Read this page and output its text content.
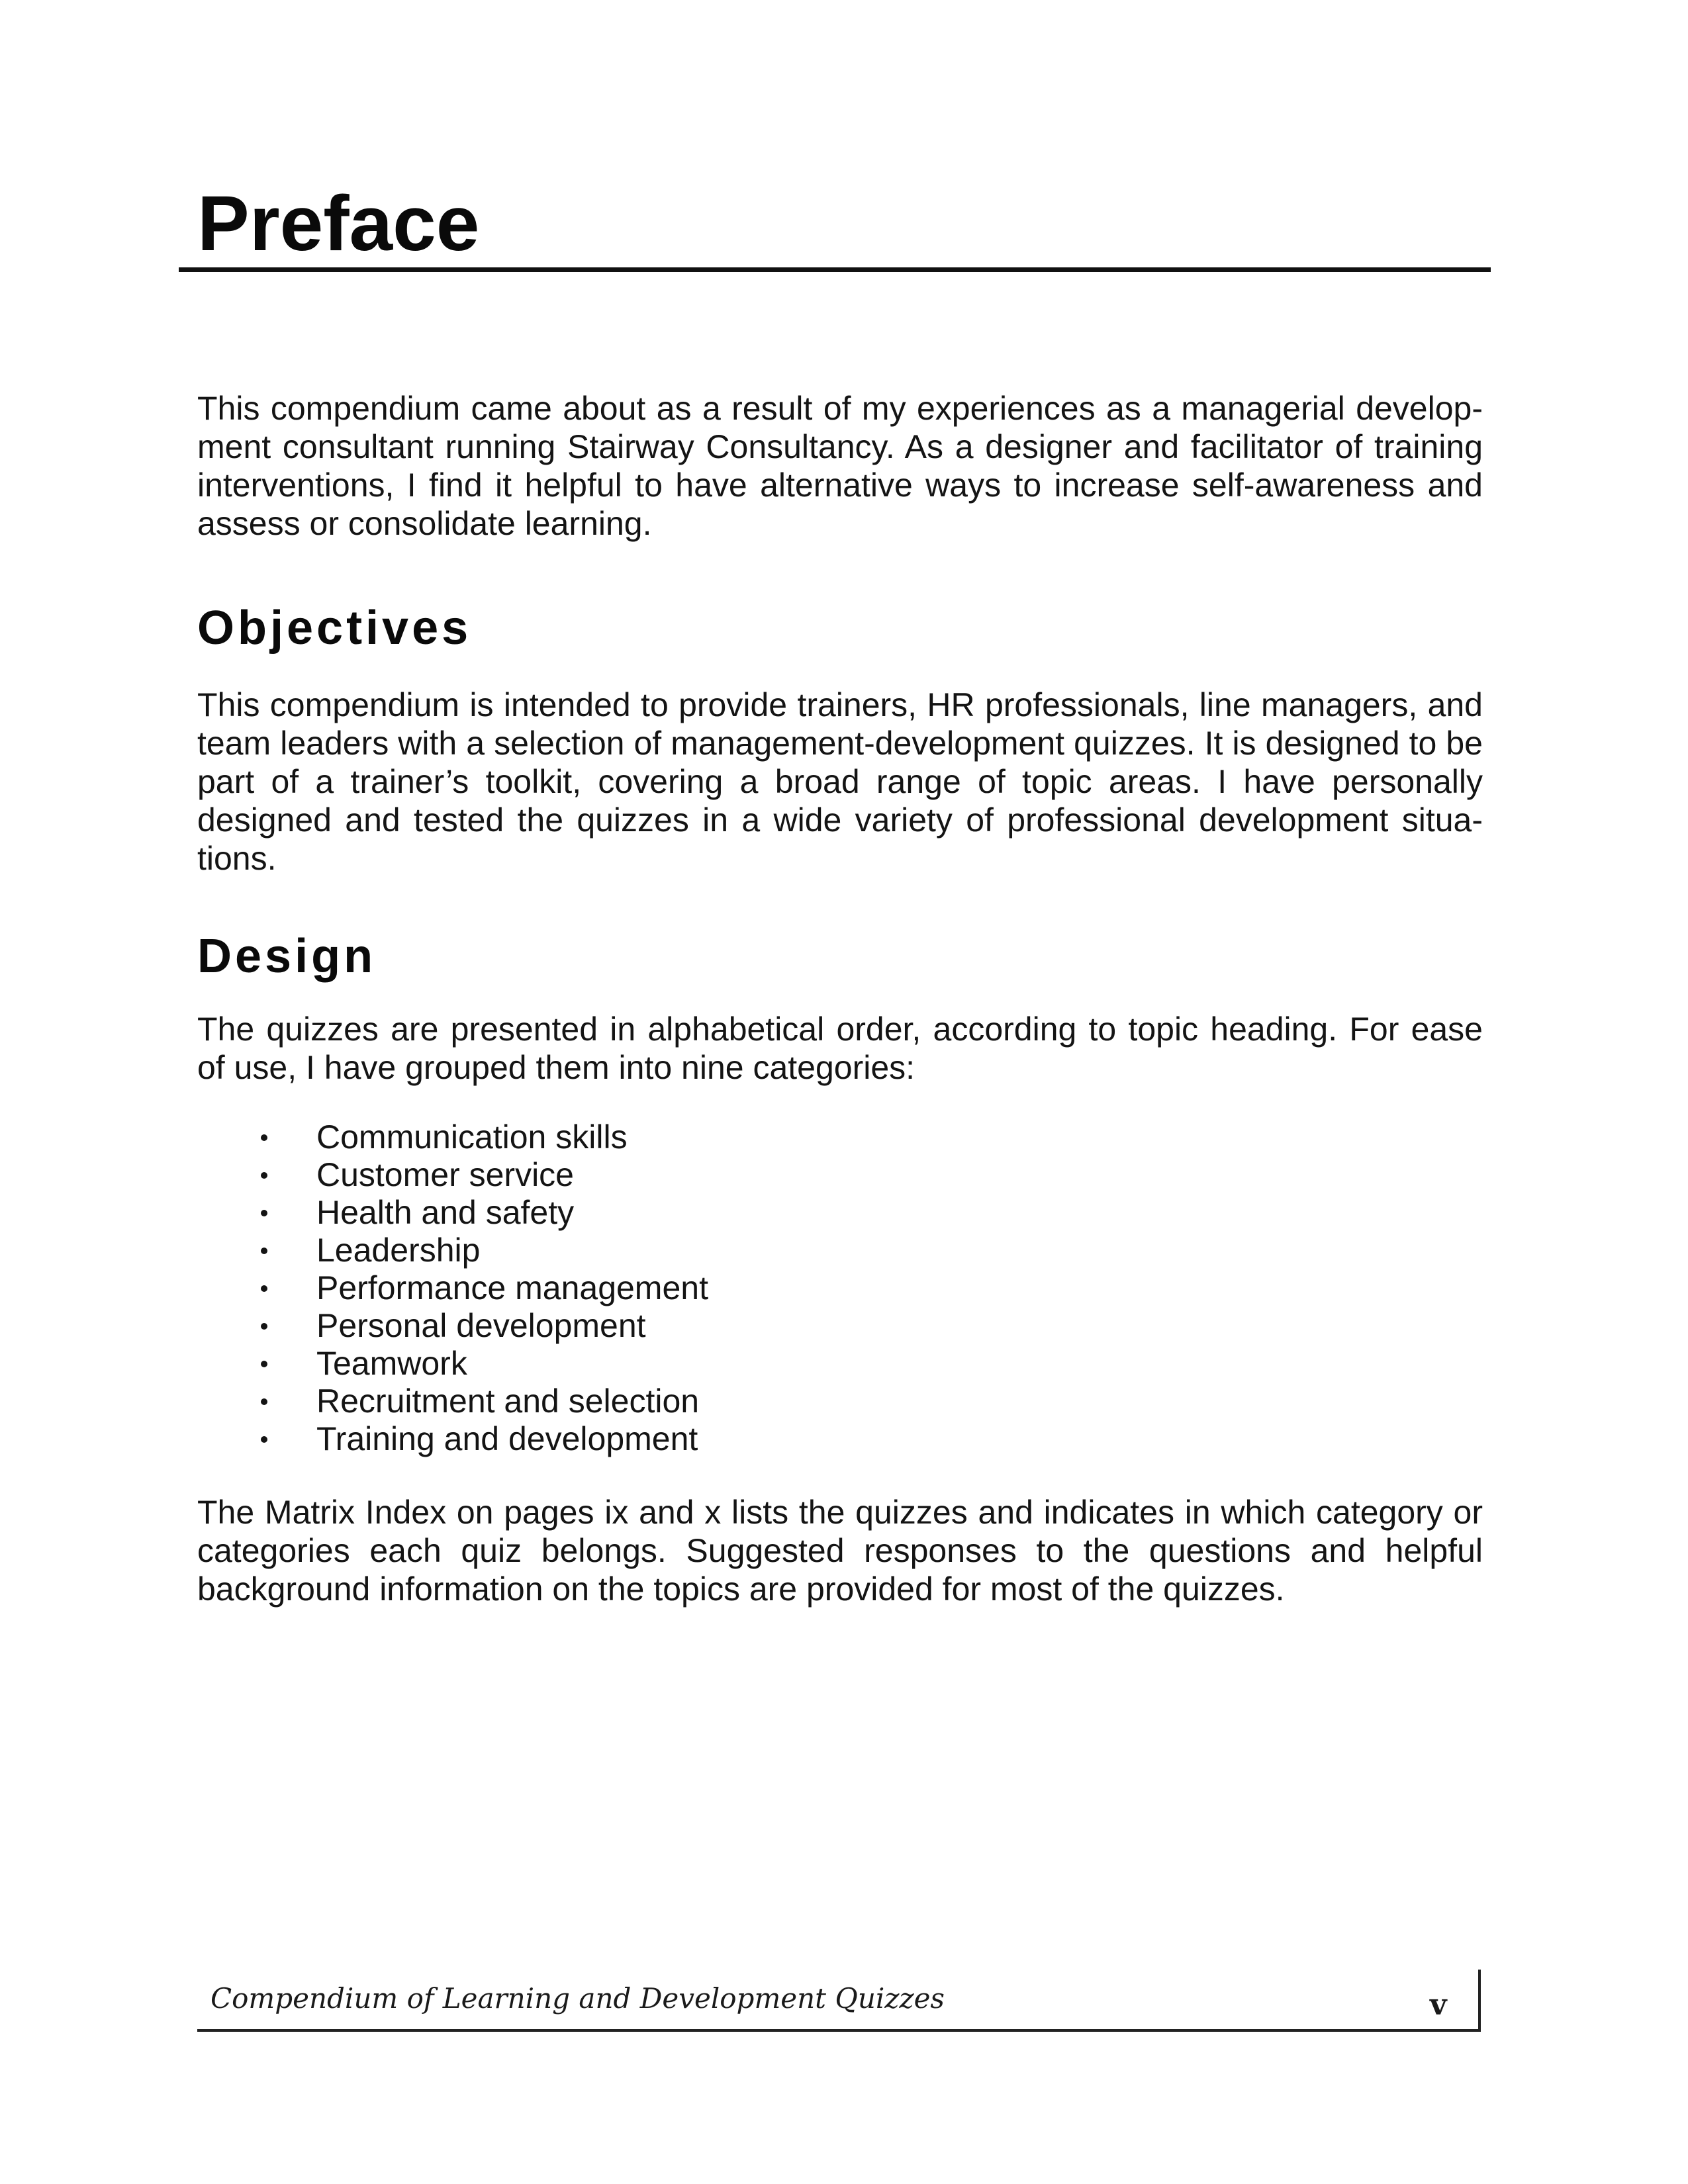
Preface

This compendium came about as a result of my experiences as a managerial develop-ment consultant running Stairway Consultancy. As a designer and facilitator of training interventions, I find it helpful to have alternative ways to increase self-awareness and assess or consolidate learning.

Objectives

This compendium is intended to provide trainers, HR professionals, line managers, and team leaders with a selection of management-development quizzes. It is designed to be part of a trainer’s toolkit, covering a broad range of topic areas. I have personally designed and tested the quizzes in a wide variety of professional development situa-tions.

Design

The quizzes are presented in alphabetical order, according to topic heading. For ease of use, I have grouped them into nine categories:

Communication skills
Customer service
Health and safety
Leadership
Performance management
Personal development
Teamwork
Recruitment and selection
Training and development

The Matrix Index on pages ix and x lists the quizzes and indicates in which category or categories each quiz belongs. Suggested responses to the questions and helpful background information on the topics are provided for most of the quizzes.

Compendium of Learning and Development Quizzes	v
